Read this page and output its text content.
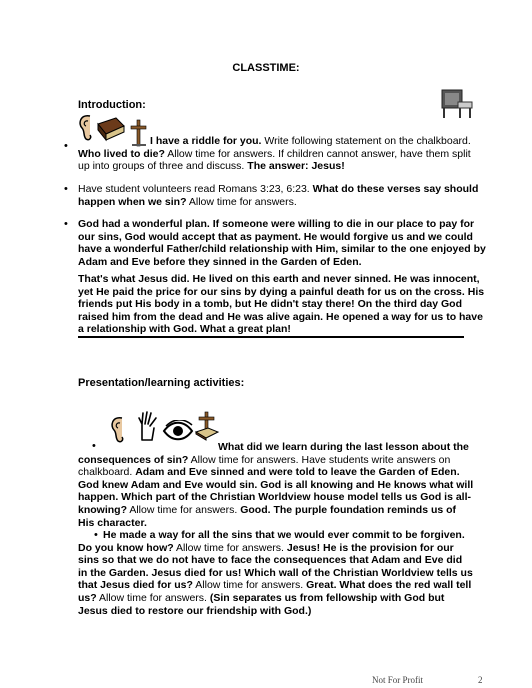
CLASSTIME:
Introduction:
•	I have a riddle for you. Write following statement on the chalkboard. Who lived to die? Allow time for answers. If children cannot answer, have them split up into groups of three and discuss. The answer: Jesus!
• Have student volunteers read Romans 3:23, 6:23. What do these verses say should happen when we sin? Allow time for answers.
• God had a wonderful plan. If someone were willing to die in our place to pay for our sins, God would accept that as payment. He would forgive us and we could have a wonderful Father/child relationship with Him, similar to the one enjoyed by Adam and Eve before they sinned in the Garden of Eden.
That's what Jesus did. He lived on this earth and never sinned. He was innocent, yet He paid the price for our sins by dying a painful death for us on the cross. His friends put His body in a tomb, but He didn't stay there! On the third day God raised him from the dead and He was alive again. He opened a way for us to have a relationship with God. What a great plan!
Presentation/learning activities:
•	What did we learn during the last lesson about the consequences of sin? Allow time for answers. Have students write answers on chalkboard. Adam and Eve sinned and were told to leave the Garden of Eden. God knew Adam and Eve would sin. God is all knowing and He knows what will happen. Which part of the Christian Worldview house model tells us God is all-knowing? Allow time for answers. Good. The purple foundation reminds us of His character.
• He made a way for all the sins that we would ever commit to be forgiven. Do you know how? Allow time for answers. Jesus! He is the provision for our sins so that we do not have to face the consequences that Adam and Eve did in the Garden. Jesus died for us! Which wall of the Christian Worldview tells us that Jesus died for us? Allow time for answers. Great. What does the red wall tell us? Allow time for answers. (Sin separates us from fellowship with God but Jesus died to restore our friendship with God.)
Not For Profit	2
